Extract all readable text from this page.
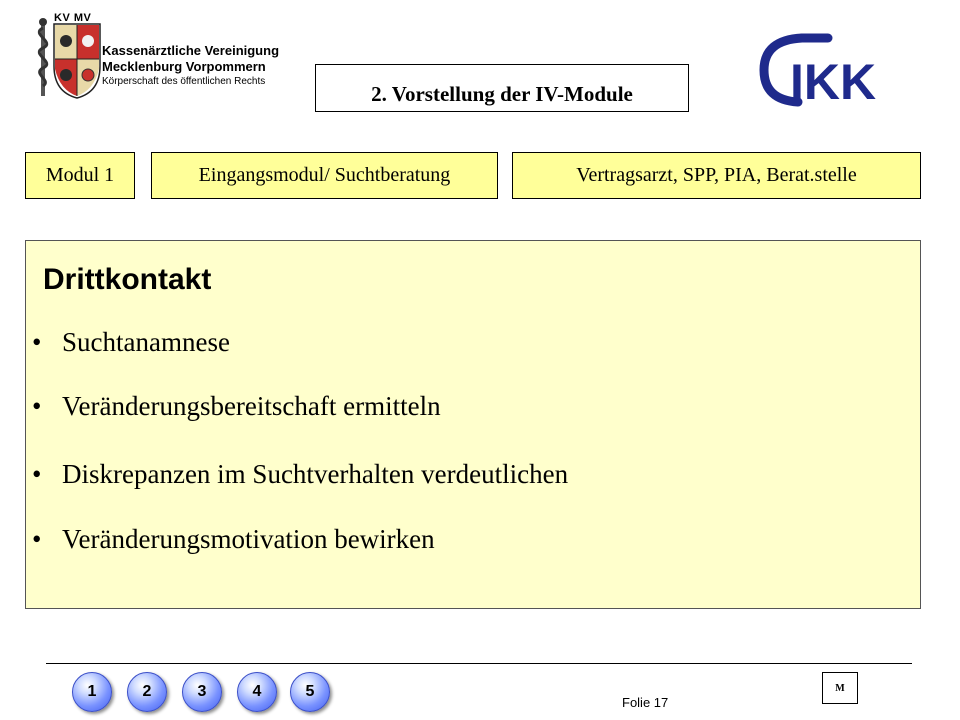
KV MV
Kassenärztliche Vereinigung
Mecklenburg Vorpommern
Körperschaft des öffentlichen Rechts
2. Vorstellung der IV-Module	IKK
Modul 1	Eingangsmodul/ Suchtberatung	Vertragsarzt, SPP, PIA, Berat.stelle
Drittkontakt
• Suchtanamnese
• Veränderungsbereitschaft ermitteln
• Diskrepanzen im Suchtverhalten verdeutlichen
• Veränderungsmotivation bewirken
1	2	3	4	5
Folie 17
M
